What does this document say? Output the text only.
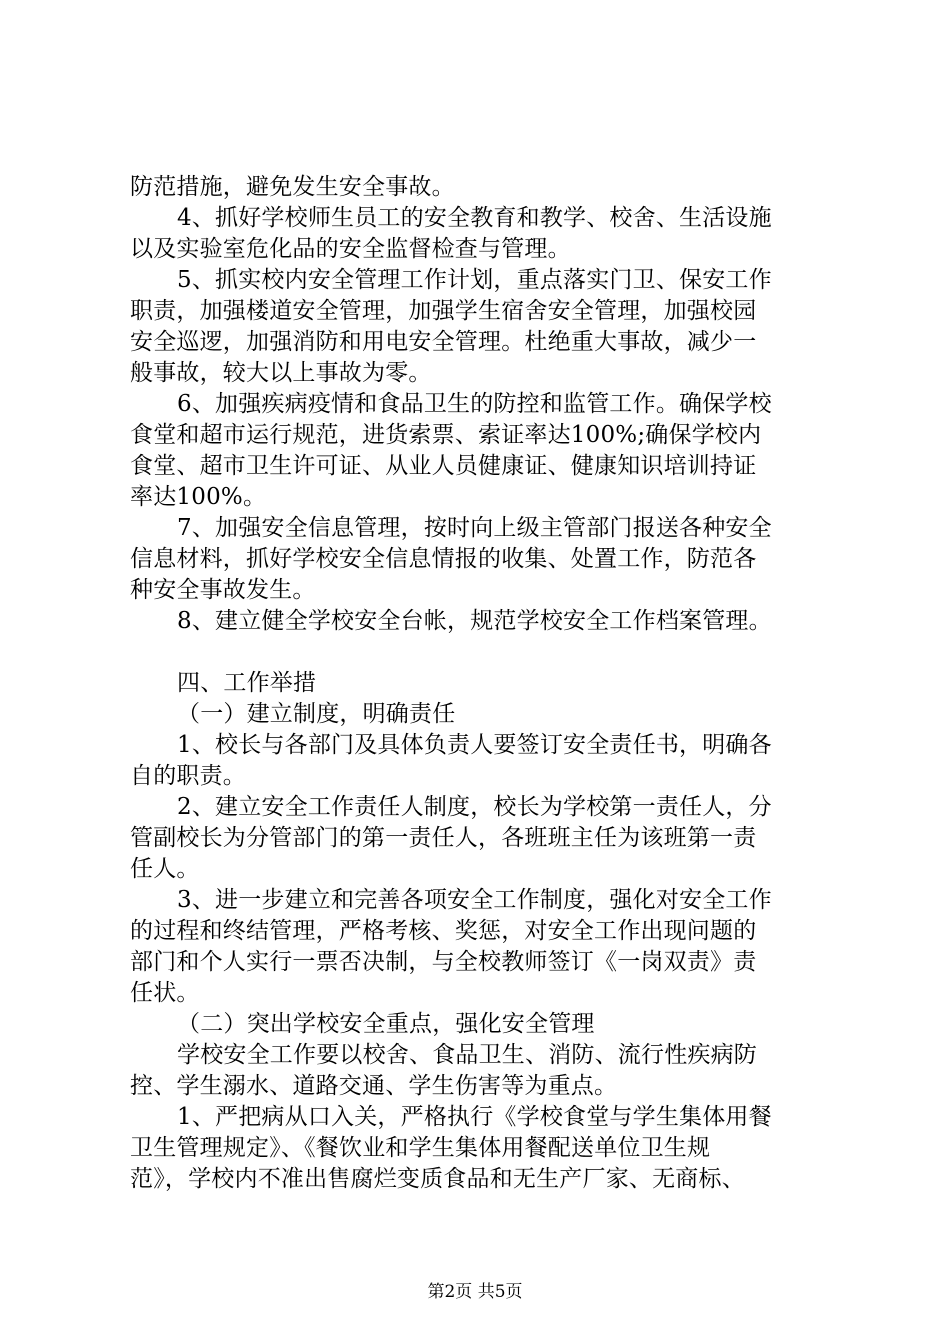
防范措施，避免发生安全事故。
4、抓好学校师生员工的安全教育和教学、校舍、生活设施
以及实验室危化品的安全监督检查与管理。
5、抓实校内安全管理工作计划，重点落实门卫、保安工作
职责，加强楼道安全管理，加强学生宿舍安全管理，加强校园
安全巡逻，加强消防和用电安全管理。杜绝重大事故，减少一
般事故，较大以上事故为零。
6、加强疾病疫情和食品卫生的防控和监管工作。确保学校
食堂和超市运行规范，进货索票、索证率达100%;确保学校内
食堂、超市卫生许可证、从业人员健康证、健康知识培训持证
率达100%。
7、加强安全信息管理，按时向上级主管部门报送各种安全
信息材料，抓好学校安全信息情报的收集、处置工作，防范各
种安全事故发生。
8、建立健全学校安全台帐，规范学校安全工作档案管理。
四、工作举措
（一）建立制度，明确责任
1、校长与各部门及具体负责人要签订安全责任书，明确各
自的职责。
2、建立安全工作责任人制度，校长为学校第一责任人，分
管副校长为分管部门的第一责任人，各班班主任为该班第一责
任人。
3、进一步建立和完善各项安全工作制度，强化对安全工作
的过程和终结管理，严格考核、奖惩，对安全工作出现问题的
部门和个人实行一票否决制，与全校教师签订《一岗双责》责
任状。
（二）突出学校安全重点，强化安全管理
学校安全工作要以校舍、食品卫生、消防、流行性疾病防
控、学生溺水、道路交通、学生伤害等为重点。
1、严把病从口入关，严格执行《学校食堂与学生集体用餐
卫生管理规定》、《餐饮业和学生集体用餐配送单位卫生规
范》，学校内不准出售腐烂变质食品和无生产厂家、无商标、
第2页 共5页
